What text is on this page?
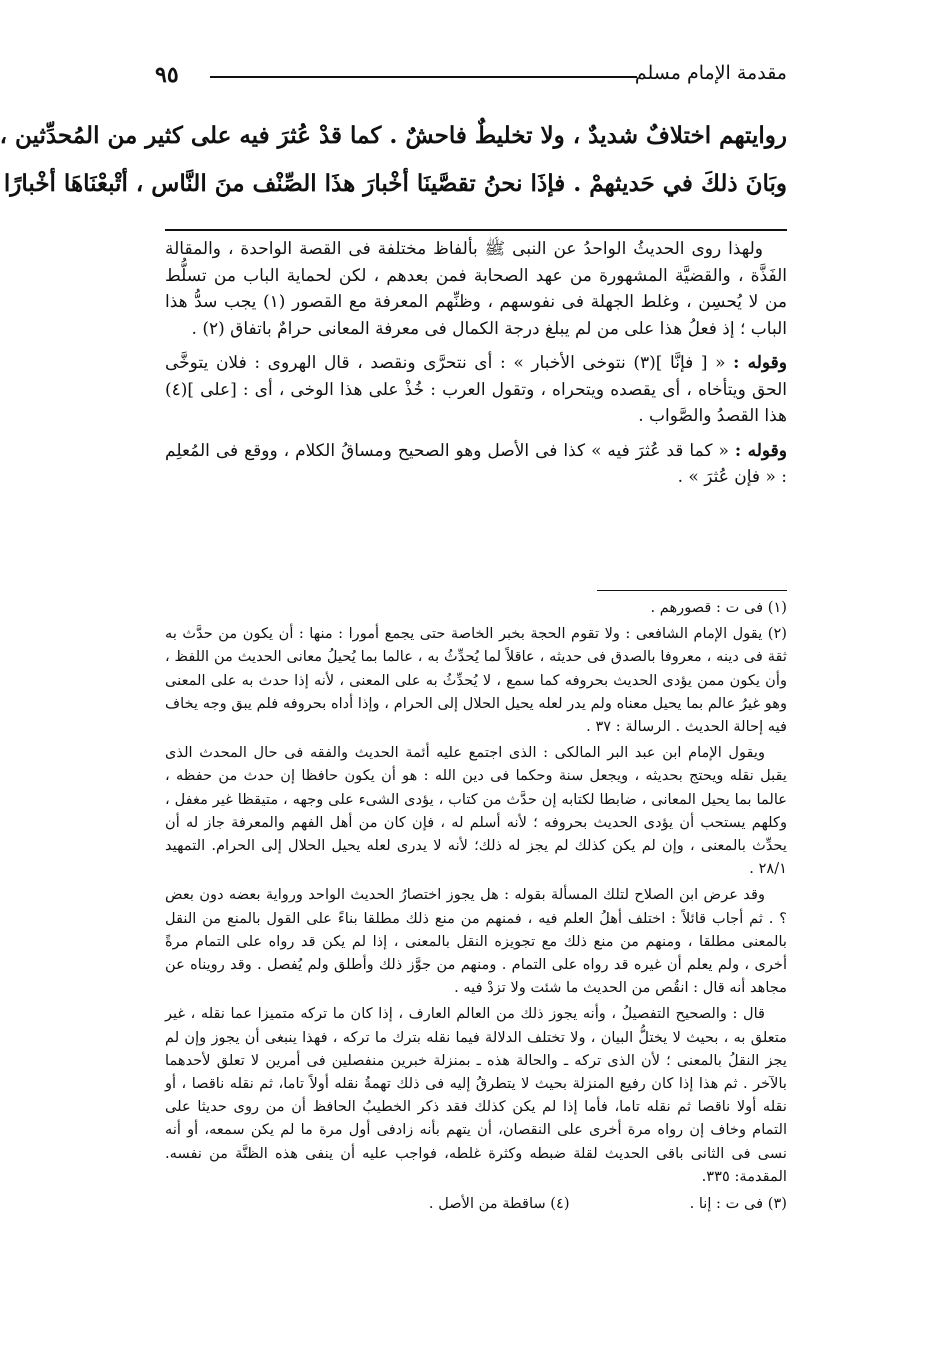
٩٥	مقدمة الإمام مسلم

روايتهم اختلافٌ شديدٌ ، ولا تخليطٌ فاحشٌ . كما قدْ عُثرَ فيه على كثير من المُحدِّثين ،

وبَانَ ذلكَ في حَديثهمْ . فإذَا نحنُ تقصَّينَا أخْبارَ هذَا الصِّنْف منَ النَّاس ، أتْبعْنَاهَا أخْبارًا

ولهذا روى الحديثُ الواحدُ عن النبى ﷺ بألفاظ مختلفة فى القصة الواحدة ، والمقالة الفَذَّة ، والقضيَّة المشهورة من عهد الصحابة فمن بعدهم ، لكن لحماية الباب من تسلُّط من لا يُحسِن ، وغلط الجهلة فى نفوسهم ، وظنِّهم المعرفة مع القصور (١) يجب سدُّ هذا الباب ؛ إذ فعلُ هذا على من لم يبلغ درجة الكمال فى معرفة المعانى حرامٌ باتفاق (٢) .

وقوله : « [ فإنَّا ](٣) نتوخى الأخبار » : أى نتحرَّى ونقصد ، قال الهروى : فلان يتوخَّى الحق ويتأخاه ، أى يقصده ويتحراه ، وتقول العرب : خُذْ على هذا الوخى ، أى : [على ](٤) هذا القصدُ والصَّواب .

وقوله : « كما قد عُثرَ فيه » كذا فى الأصل وهو الصحيح ومساقُ الكلام ، ووقع فى المُعلِم : « فإن عُثرَ » .

(١) فى ت : قصورهم .

(٢) يقول الإمام الشافعى : ولا تقوم الحجة بخبر الخاصة حتى يجمع أمورا : منها : أن يكون من حدَّث به ثقة فى دينه ، معروفا بالصدق فى حديثه ، عاقلاً لما يُحدِّثُ به ، عالما بما يُحيلُ معانى الحديث من اللفظ ، وأن يكون ممن يؤدى الحديث بحروفه كما سمع ، لا يُحدِّثُ به على المعنى ، لأنه إذا حدث به على المعنى وهو غيرُ عالم بما يحيل معناه ولم يدر لعله يحيل الحلال إلى الحرام ، وإذا أداه بحروفه فلم يبق وجه يخاف فيه إحالة الحديث . الرسالة : ٣٧ .

ويقول الإمام ابن عبد البر المالكى : الذى اجتمع عليه أئمة الحديث والفقه فى حال المحدث الذى يقبل نقله ويحتج بحديثه ، ويجعل سنة وحكما فى دين الله : هو أن يكون حافظا إن حدث من حفظه ، عالما بما يحيل المعانى ، ضابطا لكتابه إن حدَّث من كتاب ، يؤدى الشىء على وجهه ، متيقظا غير مغفل ، وكلهم يستحب أن يؤدى الحديث بحروفه ؛ لأنه أسلم له ، فإن كان من أهل الفهم والمعرفة جاز له أن يحدِّث بالمعنى ، وإن لم يكن كذلك لم يجز له ذلك؛ لأنه لا يدرى لعله يحيل الحلال إلى الحرام. التمهيد ٢٨/١ .

وقد عرض ابن الصلاح لتلك المسألة بقوله : هل يجوز اختصارُ الحديث الواحد ورواية بعضه دون بعض ؟ . ثم أجاب قائلاً : اختلف أهلُ العلم فيه ، فمنهم من منع ذلك مطلقا بناءً على القول بالمنع من النقل بالمعنى مطلقا ، ومنهم من منع ذلك مع تجويزه النقل بالمعنى ، إذا لم يكن قد رواه على التمام مرةً أخرى ، ولم يعلم أن غيره قد رواه على التمام . ومنهم من جوَّز ذلك وأطلق ولم يُفصل . وقد رويناه عن مجاهد أنه قال : انقُص من الحديث ما شئت ولا تزدْ فيه .

قال : والصحيح التفصيلُ ، وأنه يجوز ذلك من العالم العارف ، إذا كان ما تركه متميزا عما نقله ، غير متعلق به ، بحيث لا يختلُّ البيان ، ولا تختلف الدلالة فيما نقله بترك ما تركه ، فهذا ينبغى أن يجوز وإن لم يجز النقلُ بالمعنى ؛ لأن الذى تركه ـ والحالة هذه ـ بمنزلة خبرين منفصلين فى أمرين لا تعلق لأحدهما بالآخر . ثم هذا إذا كان رفيع المنزلة بحيث لا يتطرقُ إليه فى ذلك تهمةُ نقله أولاً تاما، ثم نقله ناقصا ، أو نقله أولا ناقصا ثم نقله تاما، فأما إذا لم يكن كذلك فقد ذكر الخطيبُ الحافظ أن من روى حديثا على التمام وخاف إن رواه مرة أخرى على النقصان، أن يتهم بأنه زادفى أول مرة ما لم يكن سمعه، أو أنه نسى فى الثانى باقى الحديث لقلة ضبطه وكثرة غلطه، فواجب عليه أن ينفى هذه الظنَّة من نفسه. المقدمة: ٣٣٥.

(٣) فى ت : إنا .
(٤) ساقطة من الأصل .
